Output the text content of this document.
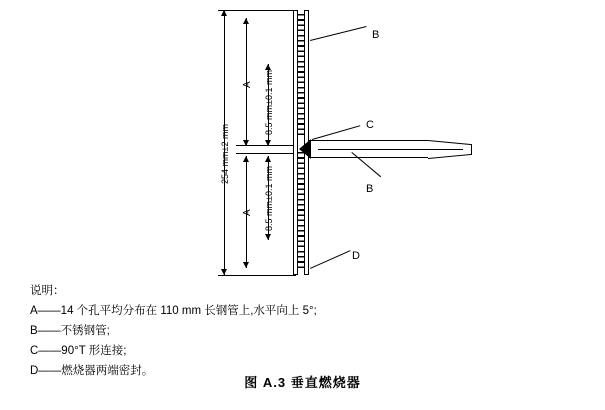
254 mm±2 mm
A
A
8.5 mm±0.1 mm
8.5 mm±0.1 mm
B
C
B
D
说明：
A——14 个孔平均分布在 110 mm 长钢管上,水平向上 5°;
B——不锈钢管;
C——90°T 形连接;
D——燃烧器两端密封。
图 A.3 垂直燃烧器
